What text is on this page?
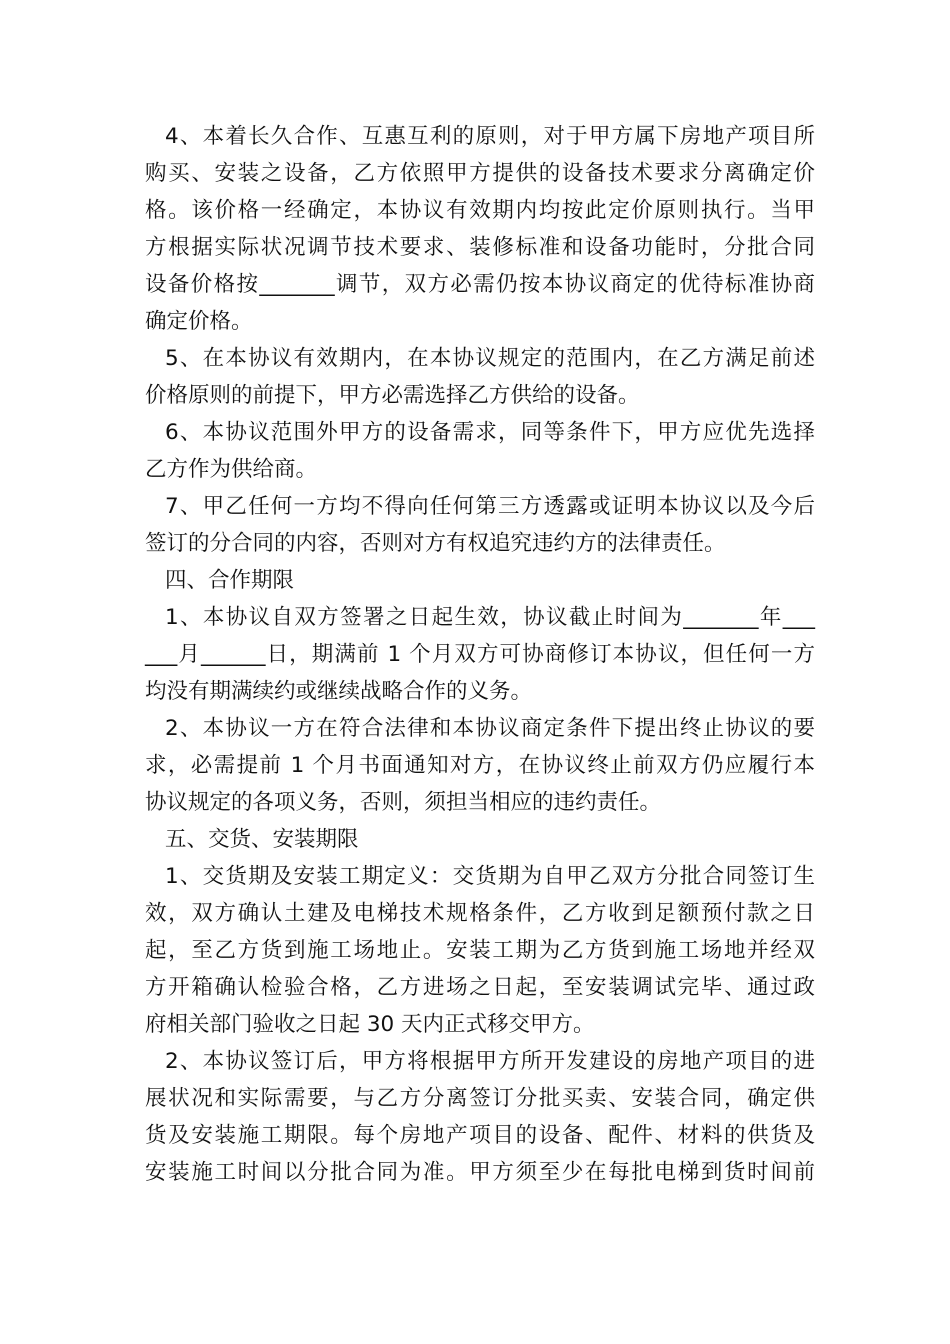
4、本着长久合作、互惠互利的原则，对于甲方属下房地产项目所
购买、安装之设备，乙方依照甲方提供的设备技术要求分离确定价
格。该价格一经确定，本协议有效期内均按此定价原则执行。当甲
方根据实际状况调节技术要求、装修标准和设备功能时，分批合同
设备价格按_______调节，双方必需仍按本协议商定的优待标准协商
确定价格。
5、在本协议有效期内，在本协议规定的范围内，在乙方满足前述
价格原则的前提下，甲方必需选择乙方供给的设备。
6、本协议范围外甲方的设备需求，同等条件下，甲方应优先选择
乙方作为供给商。
7、甲乙任何一方均不得向任何第三方透露或证明本协议以及今后
签订的分合同的内容，否则对方有权追究违约方的法律责任。
四、合作期限
1、本协议自双方签署之日起生效，协议截止时间为_______年___
___月______日，期满前 1 个月双方可协商修订本协议，但任何一方
均没有期满续约或继续战略合作的义务。
2、本协议一方在符合法律和本协议商定条件下提出终止协议的要
求，必需提前 1 个月书面通知对方，在协议终止前双方仍应履行本
协议规定的各项义务，否则，须担当相应的违约责任。
五、交货、安装期限
1、交货期及安装工期定义：交货期为自甲乙双方分批合同签订生
效，双方确认土建及电梯技术规格条件，乙方收到足额预付款之日
起，至乙方货到施工场地止。安装工期为乙方货到施工场地并经双
方开箱确认检验合格，乙方进场之日起，至安装调试完毕、通过政
府相关部门验收之日起 30 天内正式移交甲方。
2、本协议签订后，甲方将根据甲方所开发建设的房地产项目的进
展状况和实际需要，与乙方分离签订分批买卖、安装合同，确定供
货及安装施工期限。每个房地产项目的设备、配件、材料的供货及
安装施工时间以分批合同为准。甲方须至少在每批电梯到货时间前
